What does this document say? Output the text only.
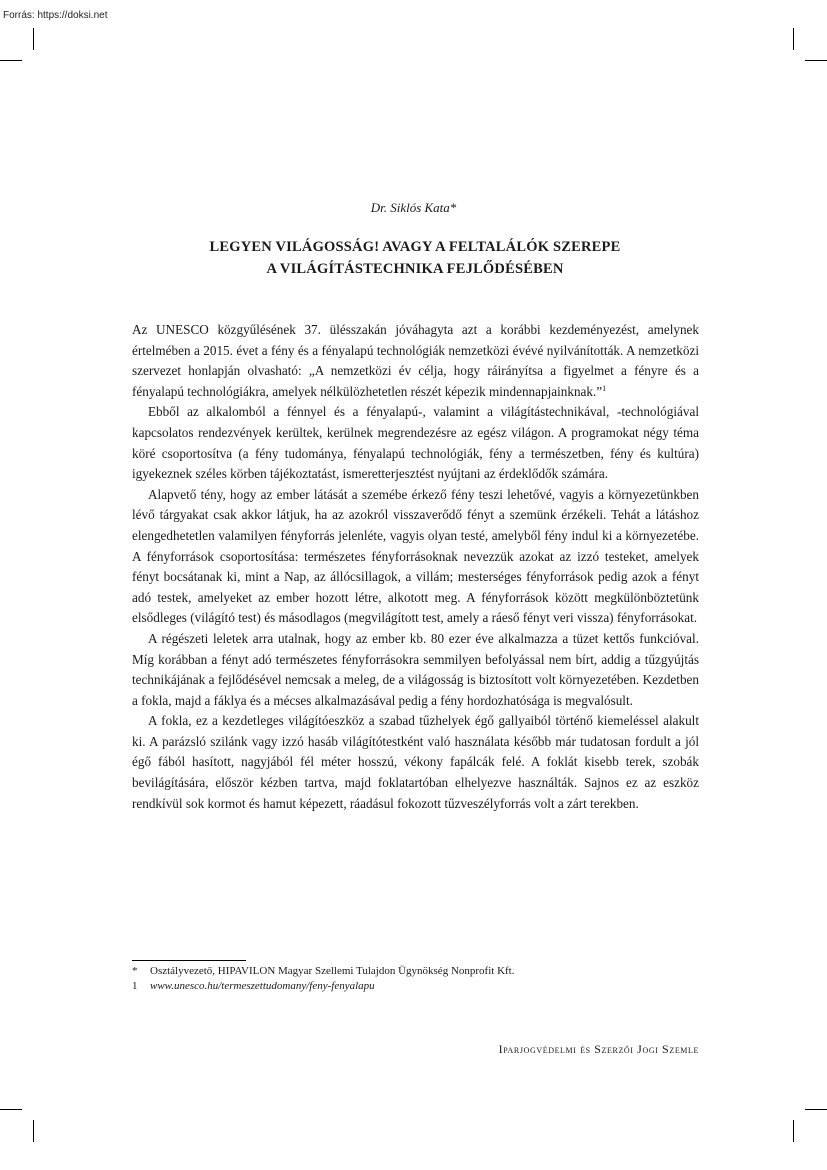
Forrás: https://doksi.net
Dr. Siklós Kata*
LEGYEN VILÁGOSSÁG! AVAGY A FELTALÁLÓK SZEREPE
A VILÁGÍTÁSTECHNIKA FEJLŐDÉSÉBEN

Az UNESCO közgyűlésének 37. ülésszakán jóváhagyta azt a korábbi kezdeményezést, amelynek értelmében a 2015. évet a fény és a fényalapú technológiák nemzetközi évévé nyilvánították. A nemzetközi szervezet honlapján olvasható: „A nemzetközi év célja, hogy ráirányítsa a figyelmet a fényre és a fényalapú technológiákra, amelyek nélkülözhetetlen részét képezik mindennapjainknak.”$^1$

Ebből az alkalomból a fénnyel és a fényalapú-, valamint a világítástechnikával, -technológiával kapcsolatos rendezvények kerültek, kerülnek megrendezésre az egész világon. A programokat négy téma köré csoportosítva (a fény tudománya, fényalapú technológiák, fény a természetben, fény és kultúra) igyekeznek széles körben tájékoztatást, ismeretterjesztést nyújtani az érdeklődők számára.

Alapvető tény, hogy az ember látását a szemébe érkező fény teszi lehetővé, vagyis a környezetünkben lévő tárgyakat csak akkor látjuk, ha az azokról visszaverődő fényt a szemünk érzékeli. Tehát a látáshoz elengedhetetlen valamilyen fényforrás jelenléte, vagyis olyan testé, amelyből fény indul ki a környezetébe. A fényforrások csoportosítása: természetes fényforrásoknak nevezzük azokat az izzó testeket, amelyek fényt bocsátanak ki, mint a Nap, az állócsillagok, a villám; mesterséges fényforrások pedig azok a fényt adó testek, amelyeket az ember hozott létre, alkotott meg. A fényforrások között megkülönböztetünk elsődleges (világító test) és másodlagos (megvilágított test, amely a ráeső fényt veri vissza) fényforrásokat.

A régészeti leletek arra utalnak, hogy az ember kb. 80 ezer éve alkalmazza a tüzet kettős funkcióval. Míg korábban a fényt adó természetes fényforrásokra semmilyen befolyással nem bírt, addig a tűzgyújtás technikájának a fejlődésével nemcsak a meleg, de a világosság is biztosított volt környezetében. Kezdetben a fokla, majd a fáklya és a mécses alkalmazásával pedig a fény hordozhatósága is megvalósult.

A fokla, ez a kezdetleges világítóeszköz a szabad tűzhelyek égő gallyaiból történő kiemeléssel alakult ki. A parázsló szilánk vagy izzó hasáb világítótestként való használata később már tudatosan fordult a jól égő fából hasított, nagyjából fél méter hosszú, vékony fapálcák felé. A foklát kisebb terek, szobák bevilágítására, először kézben tartva, majd foklatartóban elhelyezve használták. Sajnos ez az eszköz rendkívül sok kormot és hamut képezett, ráadásul fokozott tűzveszélyforrás volt a zárt terekben.

*	Osztályvezető, HIPAVILON Magyar Szellemi Tulajdon Ügynökség Nonprofit Kft.
1	www.unesco.hu/termeszettudomany/feny-fenyalapu
Iparjogvédelmi és Szerzői Jogi Szemle
